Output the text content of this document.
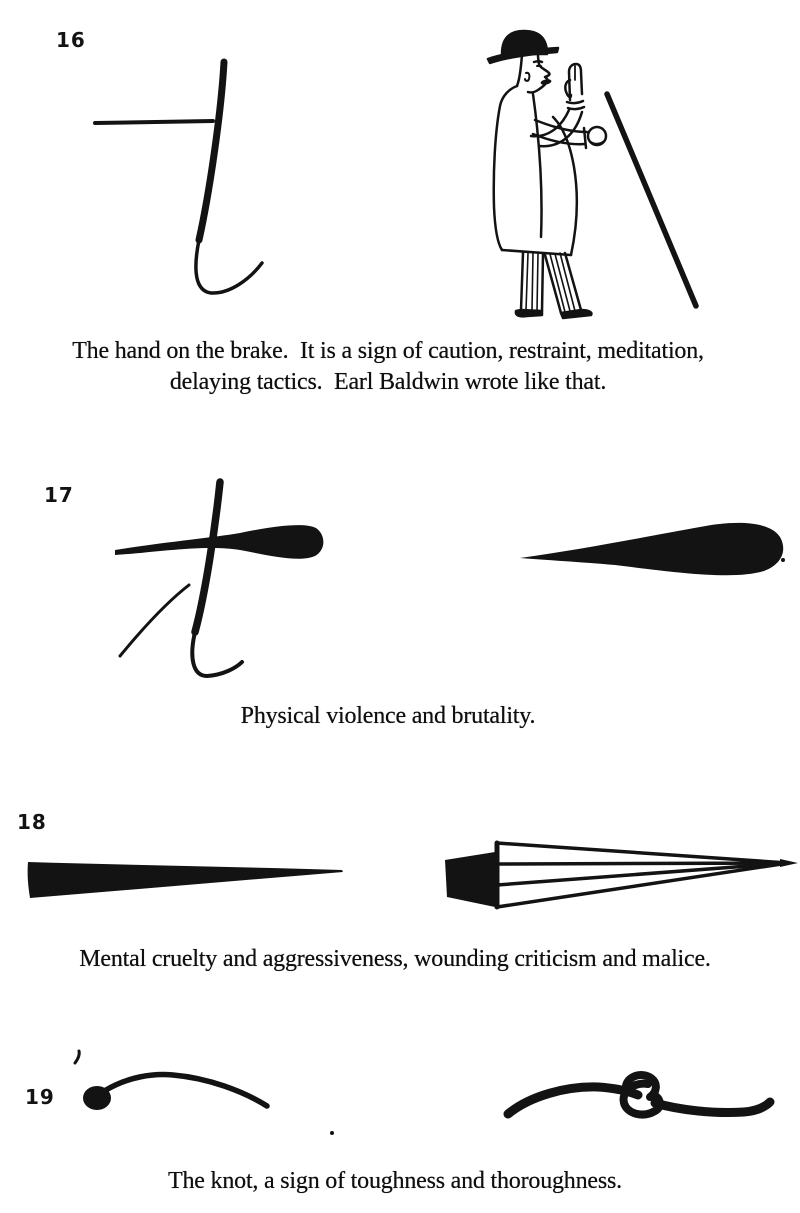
16
The hand on the brake.  It is a sign of caution, restraint, meditation,
delaying tactics.  Earl Baldwin wrote like that.
17
Physical violence and brutality.
18
Mental cruelty and aggressiveness, wounding criticism and malice.
19
The knot, a sign of toughness and thoroughness.
